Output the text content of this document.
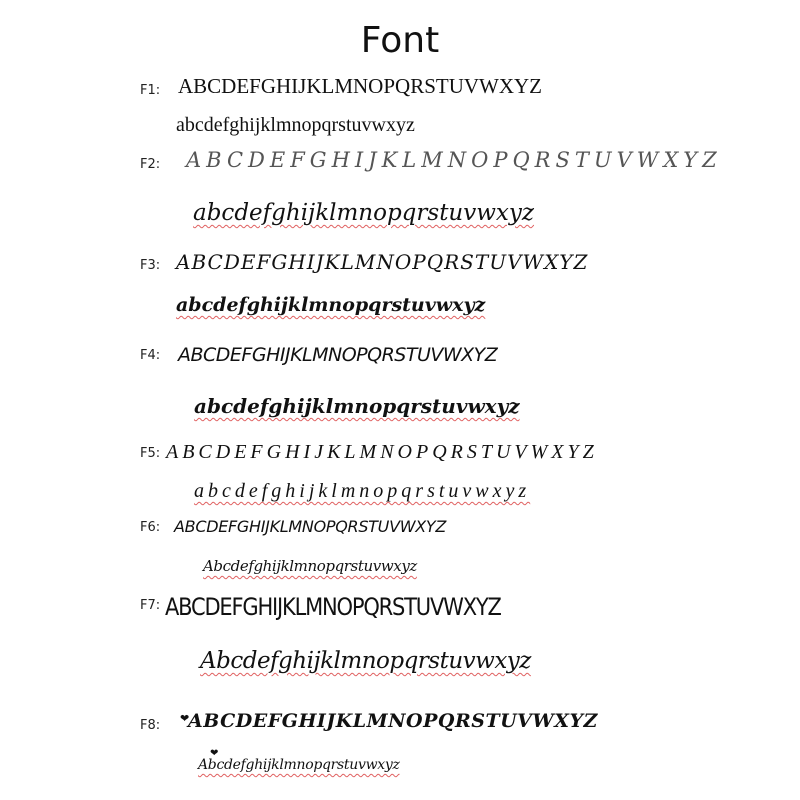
Font
F1: ABCDEFGHIJKLMNOPQRSTUVWXYZ
abcdefghijklmnopqrstuvwxyz
F2: ABCDEFGHIJKLMNOPQRSTUVWXYZ
abcdefghijklmnopqrstuvwxyz
F3: ABCDEFGHIJKLMNOPQRSTUVWXYZ
abcdefghijklmnopqrstuvwxyz
F4: ABCDEFGHIJKLMNOPQRSTUVWXYZ
abcdefghijklmnopqrstuvwxyz
F5: ABCDEFGHIJKLMNOPQRSTUVWXYZ
abcdefghijklmnopqrstuvwxyz
F6: ABCDEFGHIJKLMNOPQRSTUVWXYZ
Abcdefghijklmnopqrstuvwxyz
F7: ABCDEFGHIJKLMNOPQRSTUVWXYZ
Abcdefghijklmnopqrstuvwxyz
F8: ❤
ABCDEFGHIJKLMNOPQRSTUVWXYZ
❤
Abcdefghijklmnopqrstuvwxyz
